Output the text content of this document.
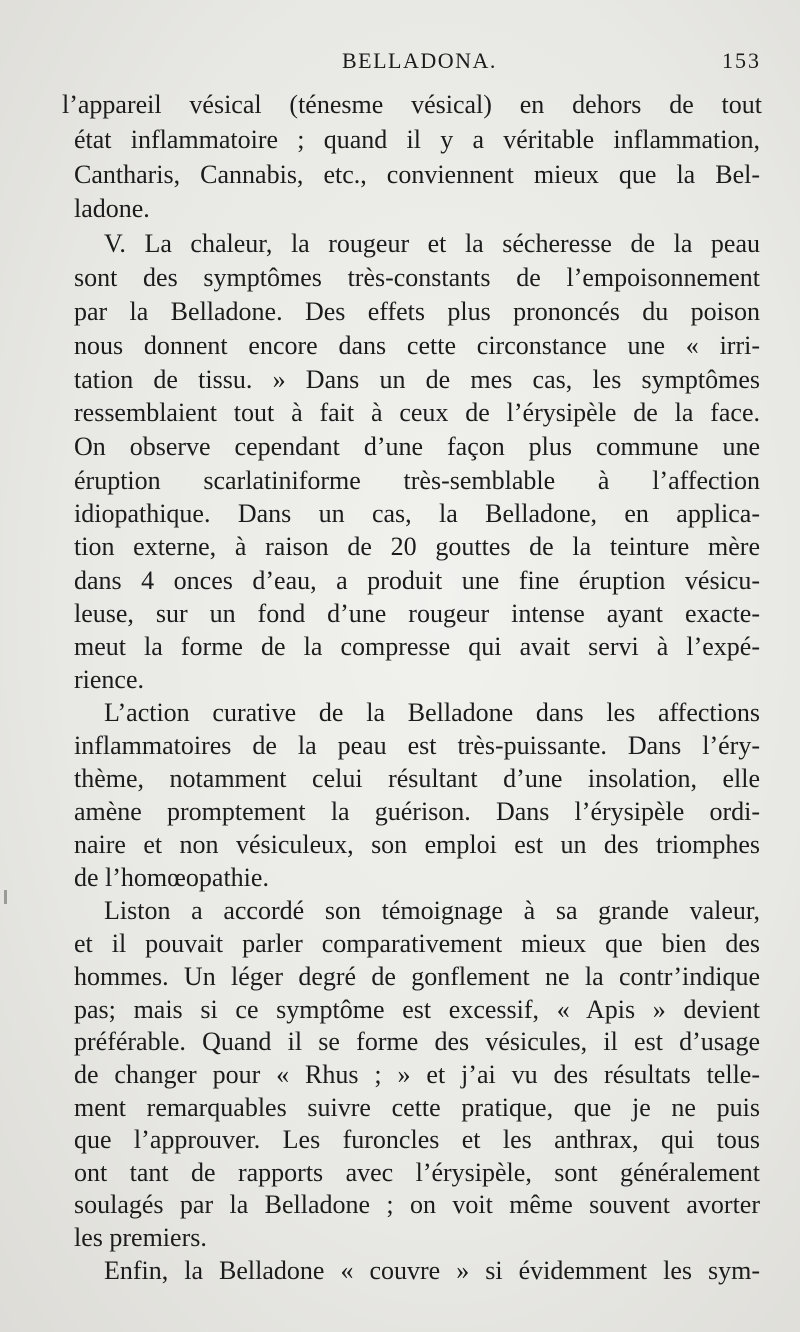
BELLADONA.	153
l’appareil vésical (ténesme vésical) en dehors de tout
état inflammatoire ; quand il y a véritable inflammation,
Cantharis, Cannabis, etc., conviennent mieux que la Bel-
ladone.
V. La chaleur, la rougeur et la sécheresse de la peau
sont des symptômes très-constants de l’empoisonnement
par la Belladone. Des effets plus prononcés du poison
nous donnent encore dans cette circonstance une « irri-
tation de tissu. » Dans un de mes cas, les symptômes
ressemblaient tout à fait à ceux de l’érysipèle de la face.
On observe cependant d’une façon plus commune une
éruption scarlatiniforme très-semblable à l’affection
idiopathique. Dans un cas, la Belladone, en applica-
tion externe, à raison de 20 gouttes de la teinture mère
dans 4 onces d’eau, a produit une fine éruption vésicu-
leuse, sur un fond d’une rougeur intense ayant exacte-
meut la forme de la compresse qui avait servi à l’expé-
rience.
L’action curative de la Belladone dans les affections
inflammatoires de la peau est très-puissante. Dans l’éry-
thème, notamment celui résultant d’une insolation, elle
amène promptement la guérison. Dans l’érysipèle ordi-
naire et non vésiculeux, son emploi est un des triomphes
de l’homœopathie.
Liston a accordé son témoignage à sa grande valeur,
et il pouvait parler comparativement mieux que bien des
hommes. Un léger degré de gonflement ne la contr’indique
pas; mais si ce symptôme est excessif, « Apis » devient
préférable. Quand il se forme des vésicules, il est d’usage
de changer pour « Rhus ; » et j’ai vu des résultats telle-
ment remarquables suivre cette pratique, que je ne puis
que l’approuver. Les furoncles et les anthrax, qui tous
ont tant de rapports avec l’érysipèle, sont généralement
soulagés par la Belladone ; on voit même souvent avorter
les premiers.
Enfin, la Belladone « couvre » si évidemment les sym-
